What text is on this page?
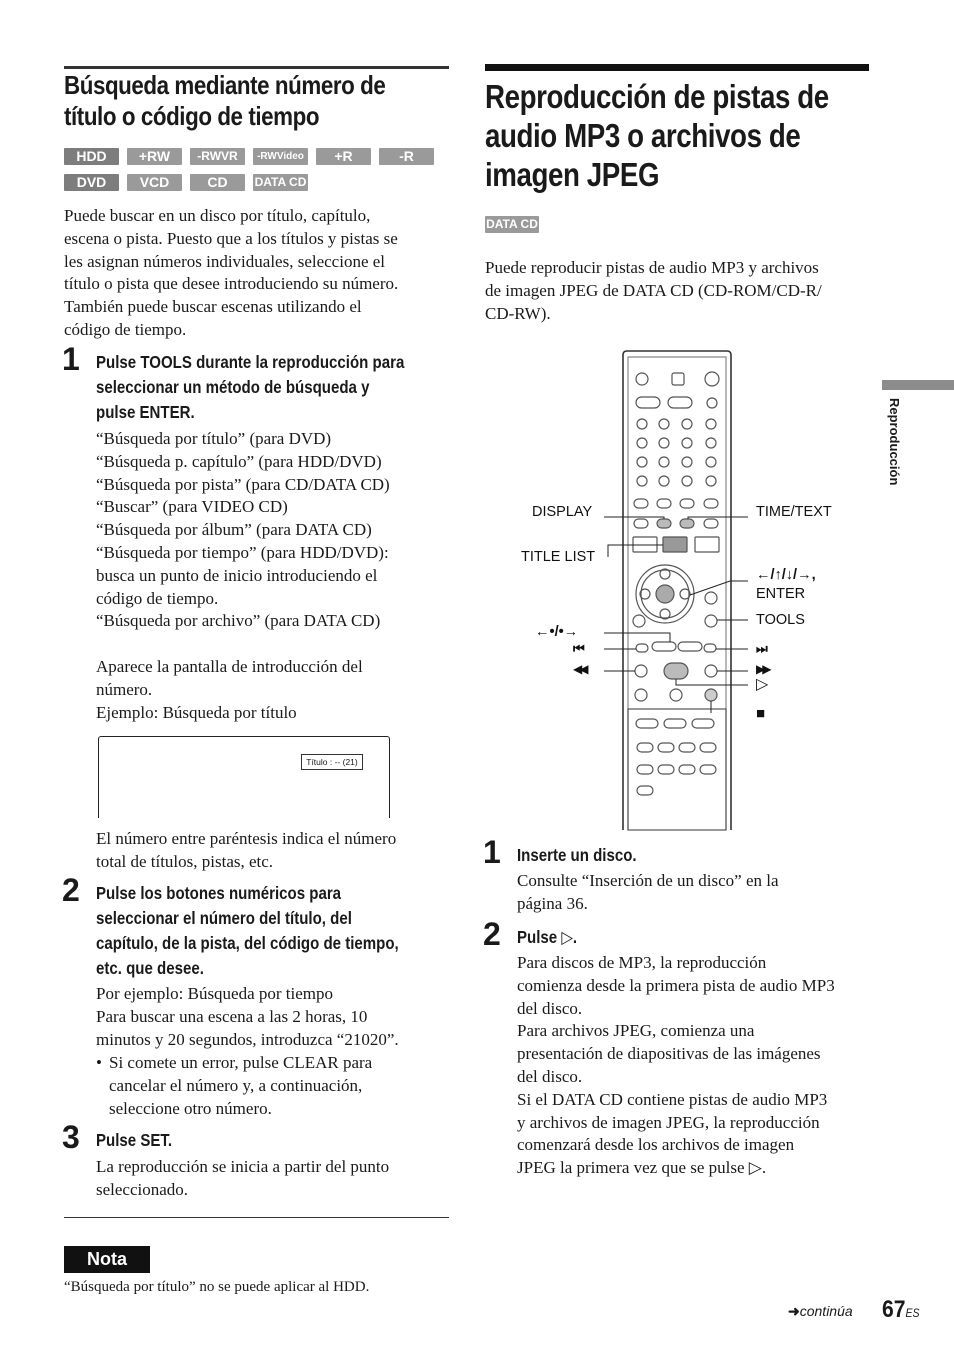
Búsqueda mediante número de
título o código de tiempo
HDD	+RW	-RWVR	-RWVideo	+R	-R
DVD	VCD	CD	DATA CD
Puede buscar en un disco por título, capítulo,
escena o pista. Puesto que a los títulos y pistas se
les asignan números individuales, seleccione el
título o pista que desee introduciendo su número.
También puede buscar escenas utilizando el
código de tiempo.
1 Pulse TOOLS durante la reproducción para
seleccionar un método de búsqueda y
pulse ENTER.
“Búsqueda por título” (para DVD)
“Búsqueda p. capítulo” (para HDD/DVD)
“Búsqueda por pista” (para CD/DATA CD)
“Buscar” (para VIDEO CD)
“Búsqueda por álbum” (para DATA CD)
“Búsqueda por tiempo” (para HDD/DVD):
busca un punto de inicio introduciendo el
código de tiempo.
“Búsqueda por archivo” (para DATA CD)
Aparece la pantalla de introducción del
número.
Ejemplo: Búsqueda por título
Título : -- (21)
El número entre paréntesis indica el número
total de títulos, pistas, etc.
2 Pulse los botones numéricos para
seleccionar el número del título, del
capítulo, de la pista, del código de tiempo,
etc. que desee.
Por ejemplo: Búsqueda por tiempo
Para buscar una escena a las 2 horas, 10
minutos y 20 segundos, introduzca “21020”.
• Si comete un error, pulse CLEAR para
cancelar el número y, a continuación,
seleccione otro número.
3 Pulse SET.
La reproducción se inicia a partir del punto
seleccionado.
Nota
“Búsqueda por título” no se puede aplicar al HDD.
Reproducción de pistas de
audio MP3 o archivos de
imagen JPEG
DATA CD
Puede reproducir pistas de audio MP3 y archivos
de imagen JPEG de DATA CD (CD-ROM/CD-R/
CD-RW).
DISPLAY	TIME/TEXT
TITLE LIST
←/↑/↓/→,
ENTER
TOOLS
←•/•→
⏮	⏭
◀◀	▶▶
▷
■
1 Inserte un disco.
Consulte “Inserción de un disco” en la
página 36.
2 Pulse ▷.
Para discos de MP3, la reproducción
comienza desde la primera pista de audio MP3
del disco.
Para archivos JPEG, comienza una
presentación de diapositivas de las imágenes
del disco.
Si el DATA CD contiene pistas de audio MP3
y archivos de imagen JPEG, la reproducción
comenzará desde los archivos de imagen
JPEG la primera vez que se pulse ▷.
Reproducción
➜continúa 67ES
